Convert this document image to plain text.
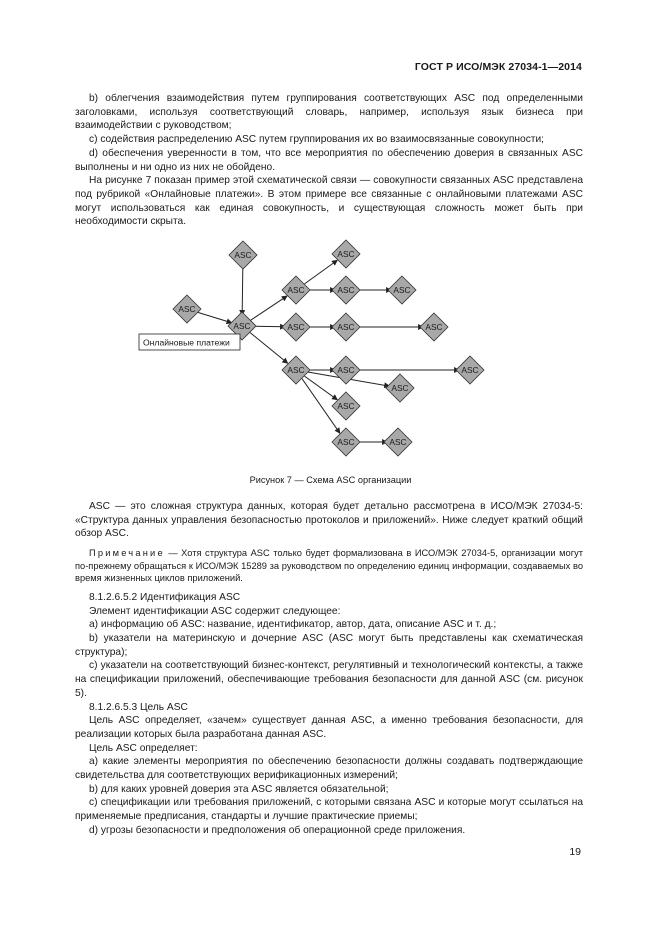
ГОСТ Р ИСО/МЭК 27034-1—2014

b) облегчения взаимодействия путем группирования соответствующих ASC под определенными заголовками, используя соответствующий словарь, например, используя язык бизнеса при взаимодействии с руководством;

c) содействия распределению ASC путем группирования их во взаимосвязанные совокупности;

d) обеспечения уверенности в том, что все мероприятия по обеспечению доверия в связанных ASC выполнены и ни одно из них не обойдено.

На рисунке 7 показан пример этой схематической связи — совокупности связанных ASC представлена под рубрикой «Онлайновые платежи». В этом примере все связанные с онлайновыми платежами ASC могут использоваться как единая совокупность, и существующая сложность может быть при необходимости скрыта.

ASC
ASC
ASC
ASC
ASC
ASC
ASC
ASC	ASC
ASC	ASC
ASC	ASC
ASC
ASC
ASC	ASC
Онлайновые платежи
Рисунок 7 — Схема ASC организации

ASC — это сложная структура данных, которая будет детально рассмотрена в ИСО/МЭК 27034-5: «Структура данных управления безопасностью протоколов и приложений». Ниже следует краткий общий обзор ASC.

Примечание — Хотя структура ASC только будет формализована в ИСО/МЭК 27034-5, организации могут по-прежнему обращаться к ИСО/МЭК 15289 за руководством по определению единиц информации, создаваемых во время жизненных циклов приложений.

8.1.2.6.5.2 Идентификация ASC

Элемент идентификации ASC содержит следующее:

a) информацию об ASC: название, идентификатор, автор, дата, описание ASC и т. д.;

b) указатели на материнскую и дочерние ASC (ASC могут быть представлены как схематическая структура);

c) указатели на соответствующий бизнес-контекст, регулятивный и технологический контексты, а также на спецификации приложений, обеспечивающие требования безопасности для данной ASC (см. рисунок 5).

8.1.2.6.5.3 Цель ASC

Цель ASC определяет, «зачем» существует данная ASC, а именно требования безопасности, для реализации которых была разработана данная ASC.

Цель ASC определяет:

a) какие элементы мероприятия по обеспечению безопасности должны создавать подтверждающие свидетельства для соответствующих верификационных измерений;

b) для каких уровней доверия эта ASC является обязательной;

c) спецификации или требования приложений, с которыми связана ASC и которые могут ссылаться на применяемые предписания, стандарты и лучшие практические приемы;

d) угрозы безопасности и предположения об операционной среде приложения.

19
